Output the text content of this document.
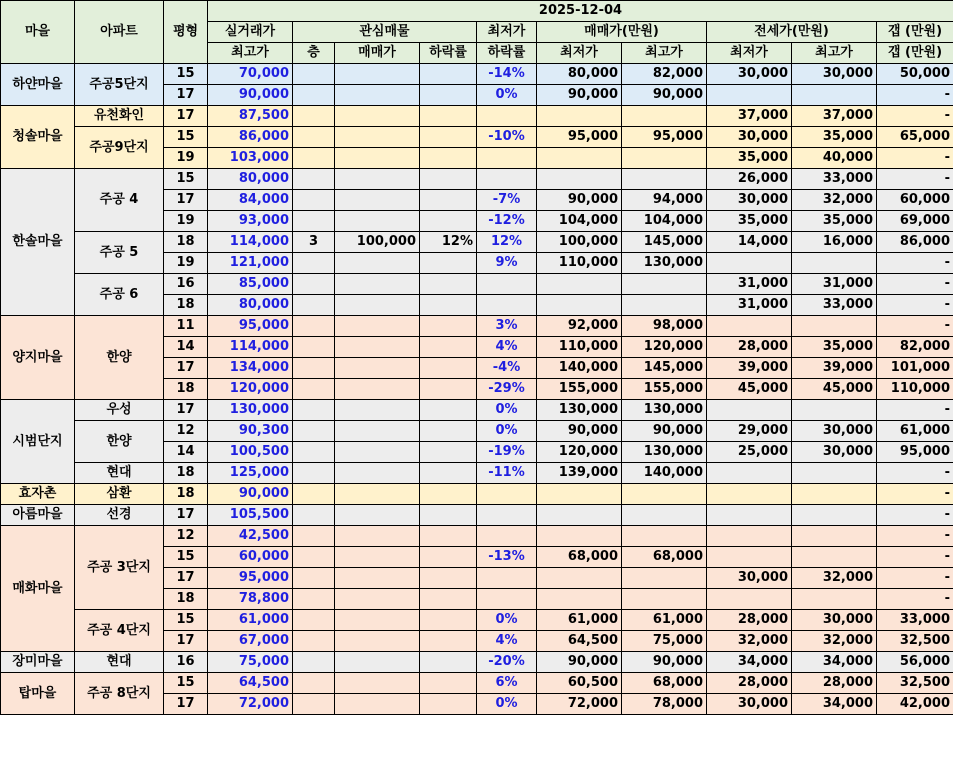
마을	아파트	평형	2025-12-04									
			실거래가	관심매물			최저가	매매가(만원)		전세가(만원)		갭 (만원)
			최고가	층	매매가	하락률	하락률	최저가	최고가	최저가	최고가	갭 (만원)
하얀마을	주공5단지	15	70,000				-14%	80,000	82,000	30,000	30,000	50,000
		17	90,000				0%	90,000	90,000			-
청솔마을	유천화인	17	87,500							37,000	37,000	-
	주공9단지	15	86,000				-10%	95,000	95,000	30,000	35,000	65,000
		19	103,000							35,000	40,000	-
한솔마을	주공 4	15	80,000							26,000	33,000	-
		17	84,000				-7%	90,000	94,000	30,000	32,000	60,000
		19	93,000				-12%	104,000	104,000	35,000	35,000	69,000
	주공 5	18	114,000	3	100,000	12%	12%	100,000	145,000	14,000	16,000	86,000
		19	121,000				9%	110,000	130,000			-
	주공 6	16	85,000							31,000	31,000	-
		18	80,000							31,000	33,000	-
양지마을	한양	11	95,000				3%	92,000	98,000			-
		14	114,000				4%	110,000	120,000	28,000	35,000	82,000
		17	134,000				-4%	140,000	145,000	39,000	39,000	101,000
		18	120,000				-29%	155,000	155,000	45,000	45,000	110,000
시범단지	우성	17	130,000				0%	130,000	130,000			-
	한양	12	90,300				0%	90,000	90,000	29,000	30,000	61,000
		14	100,500				-19%	120,000	130,000	25,000	30,000	95,000
	현대	18	125,000				-11%	139,000	140,000			-
효자촌	삼환	18	90,000									-
아름마을	선경	17	105,500									-
매화마을	주공 3단지	12	42,500									-
		15	60,000				-13%	68,000	68,000			-
		17	95,000							30,000	32,000	-
		18	78,800									-
	주공 4단지	15	61,000				0%	61,000	61,000	28,000	30,000	33,000
		17	67,000				4%	64,500	75,000	32,000	32,000	32,500
장미마을	현대	16	75,000				-20%	90,000	90,000	34,000	34,000	56,000
탑마을	주공 8단지	15	64,500				6%	60,500	68,000	28,000	28,000	32,500
		17	72,000				0%	72,000	78,000	30,000	34,000	42,000
